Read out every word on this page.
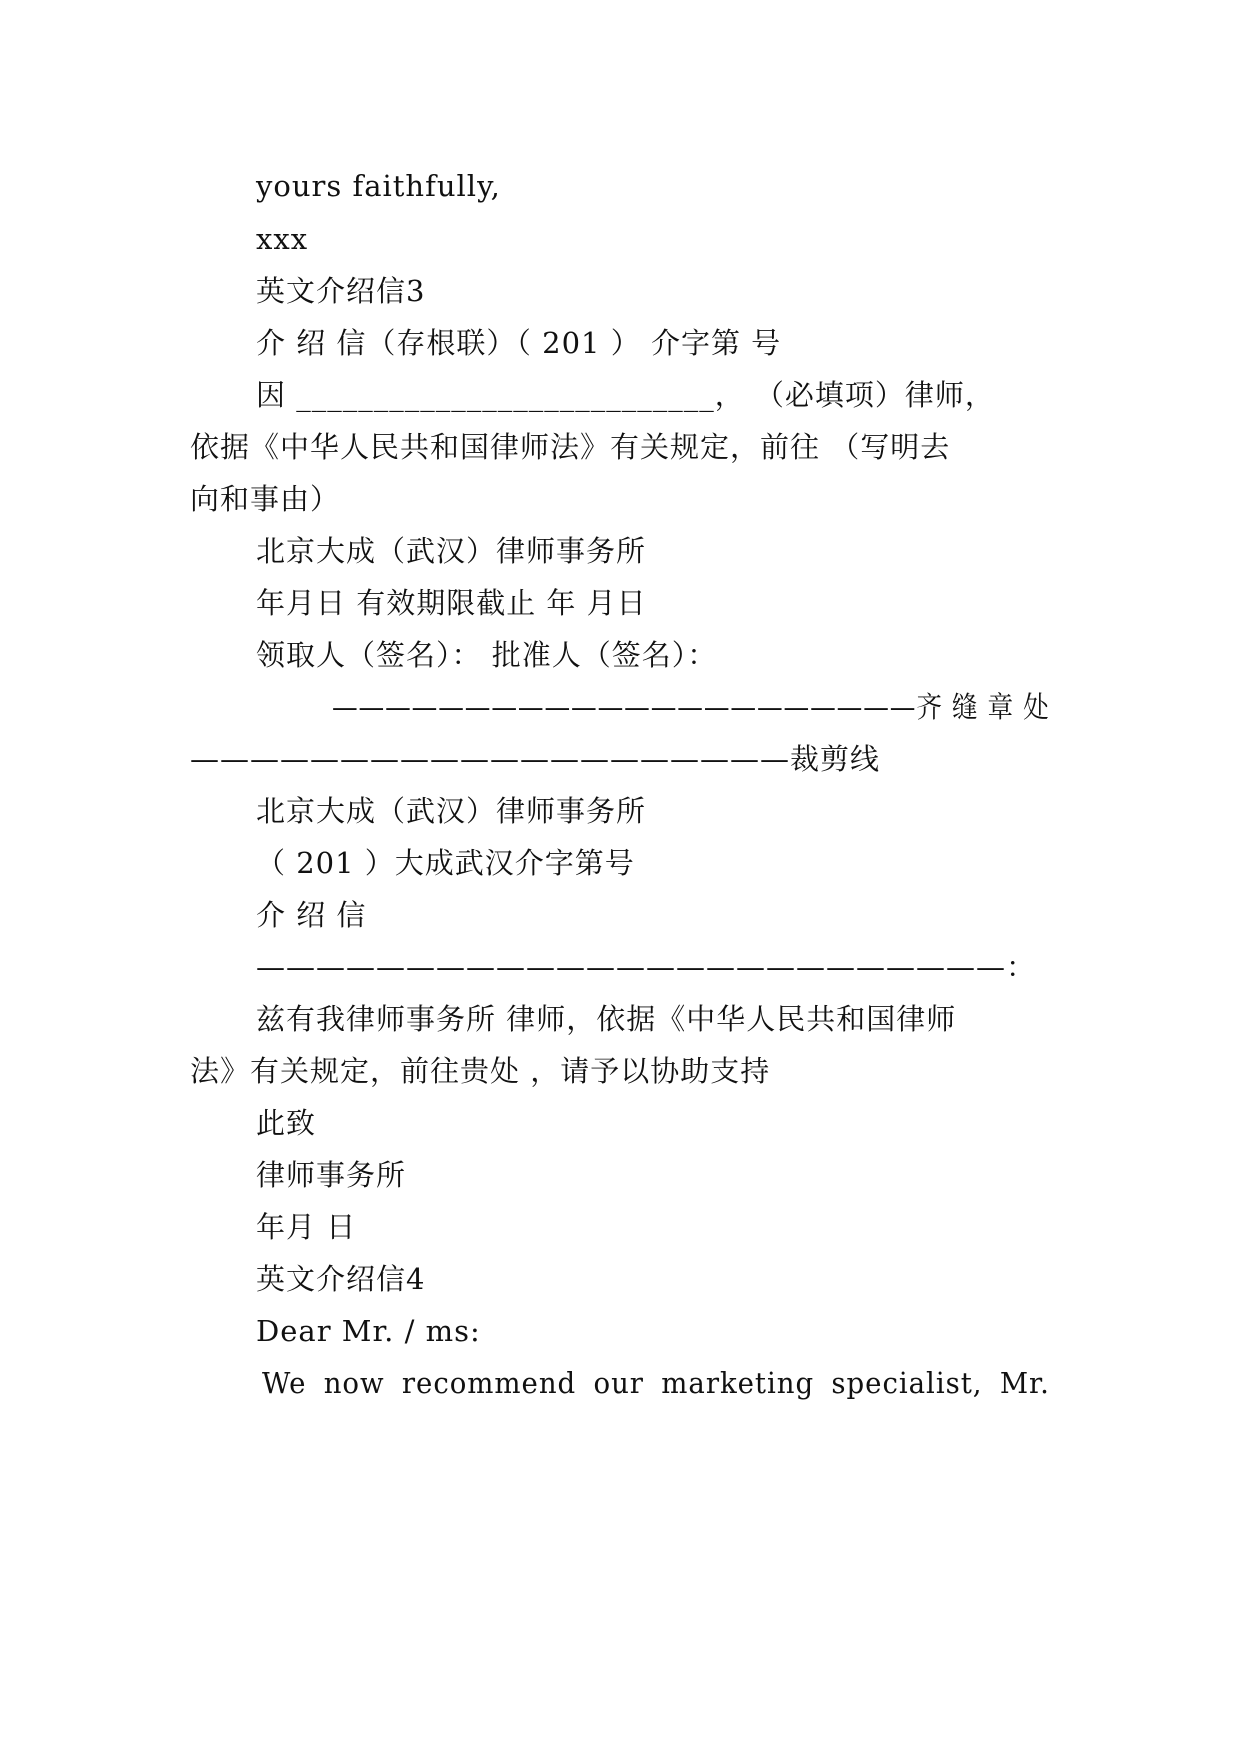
yours faithfully,
xxx
英文介绍信3
介 绍 信（存根联）（ 201 ） 介字第 号
因 ___________________________， （必填项）律师，
依据《中华人民共和国律师法》有关规定，前往 （写明去
向和事由）
北京大成（武汉）律师事务所
年月日 有效期限截止 年 月日
领取人（签名）： 批准人（签名）：
——————————————————————齐 缝 章 处
————————————————————裁剪线
北京大成（武汉）律师事务所
（ 201 ）大成武汉介字第号
介 绍 信
—————————————————————————：
兹有我律师事务所 律师，依据《中华人民共和国律师
法》有关规定，前往贵处 ，请予以协助支持
此致
律师事务所
年月 日
英文介绍信4
Dear Mr. / ms:
We now recommend our marketing specialist, Mr.
